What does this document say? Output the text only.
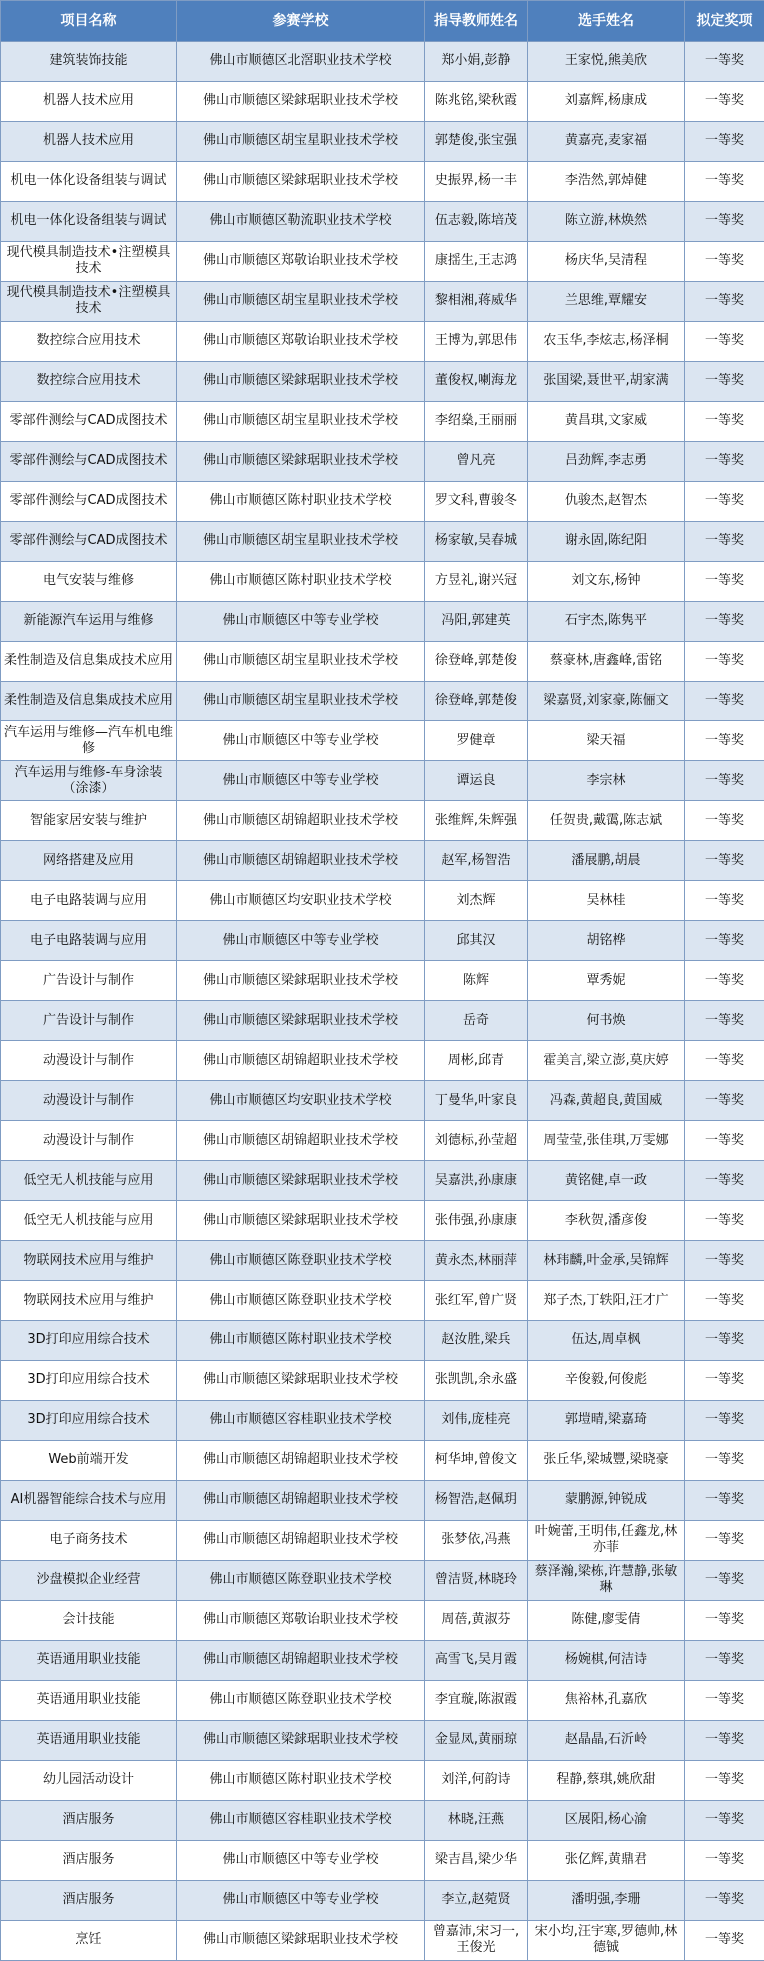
项目名称	参赛学校	指导教师姓名	选手姓名	拟定奖项
建筑装饰技能	佛山市顺德区北滘职业技术学校	郑小娟,彭静	王家悦,熊美欣	一等奖
机器人技术应用	佛山市顺德区梁銶琚职业技术学校	陈兆铭,梁秋霞	刘嘉辉,杨康成	一等奖
机器人技术应用	佛山市顺德区胡宝星职业技术学校	郭楚俊,张宝强	黄嘉亮,麦家福	一等奖
机电一体化设备组装与调试	佛山市顺德区梁銶琚职业技术学校	史振界,杨一丰	李浩然,郭焯健	一等奖
机电一体化设备组装与调试	佛山市顺德区勒流职业技术学校	伍志毅,陈培茂	陈立游,林焕然	一等奖
现代模具制造技术•注塑模具技术	佛山市顺德区郑敬诒职业技术学校	康揺生,王志鸿	杨庆华,吴清程	一等奖
现代模具制造技术•注塑模具技术	佛山市顺德区胡宝星职业技术学校	黎相湘,蒋威华	兰思维,覃耀安	一等奖
数控综合应用技术	佛山市顺德区郑敬诒职业技术学校	王博为,郭思伟	农玉华,李炫志,杨泽桐	一等奖
数控综合应用技术	佛山市顺德区梁銶琚职业技术学校	董俊权,喇海龙	张国梁,聂世平,胡家满	一等奖
零部件测绘与CAD成图技术	佛山市顺德区胡宝星职业技术学校	李绍燊,王丽丽	黄昌琪,文家威	一等奖
零部件测绘与CAD成图技术	佛山市顺德区梁銶琚职业技术学校	曾凡亮	吕劲辉,李志勇	一等奖
零部件测绘与CAD成图技术	佛山市顺德区陈村职业技术学校	罗文科,曹骏冬	仇骏杰,赵智杰	一等奖
零部件测绘与CAD成图技术	佛山市顺德区胡宝星职业技术学校	杨家敏,吴春城	谢永固,陈纪阳	一等奖
电气安装与维修	佛山市顺德区陈村职业技术学校	方昱礼,谢兴冠	刘文东,杨钟	一等奖
新能源汽车运用与维修	佛山市顺德区中等专业学校	冯阳,郭建英	石宇杰,陈隽平	一等奖
柔性制造及信息集成技术应用	佛山市顺德区胡宝星职业技术学校	徐登峰,郭楚俊	蔡豪林,唐鑫峰,雷铭	一等奖
柔性制造及信息集成技术应用	佛山市顺德区胡宝星职业技术学校	徐登峰,郭楚俊	梁嘉贤,刘家豪,陈俪文	一等奖
汽车运用与维修—汽车机电维修	佛山市顺德区中等专业学校	罗健章	梁天福	一等奖
汽车运用与维修-车身涂装（涂漆）	佛山市顺德区中等专业学校	谭运良	李宗林	一等奖
智能家居安装与维护	佛山市顺德区胡锦超职业技术学校	张维辉,朱辉强	任贺贵,戴霭,陈志斌	一等奖
网络搭建及应用	佛山市顺德区胡锦超职业技术学校	赵军,杨智浩	潘展鹏,胡晨	一等奖
电子电路装调与应用	佛山市顺德区均安职业技术学校	刘杰辉	吴林桂	一等奖
电子电路装调与应用	佛山市顺德区中等专业学校	邱其汉	胡铭桦	一等奖
广告设计与制作	佛山市顺德区梁銶琚职业技术学校	陈辉	覃秀妮	一等奖
广告设计与制作	佛山市顺德区梁銶琚职业技术学校	岳奇	何书焕	一等奖
动漫设计与制作	佛山市顺德区胡锦超职业技术学校	周彬,邱青	霍美言,梁立澎,莫庆婷	一等奖
动漫设计与制作	佛山市顺德区均安职业技术学校	丁曼华,叶家良	冯森,黄超良,黄国威	一等奖
动漫设计与制作	佛山市顺德区胡锦超职业技术学校	刘德标,孙莹超	周莹莹,张佳琪,万雯娜	一等奖
低空无人机技能与应用	佛山市顺德区梁銶琚职业技术学校	吴嘉洪,孙康康	黄铭健,卓一政	一等奖
低空无人机技能与应用	佛山市顺德区梁銶琚职业技术学校	张伟强,孙康康	李秋贺,潘彦俊	一等奖
物联网技术应用与维护	佛山市顺德区陈登职业技术学校	黄永杰,林丽萍	林玮麟,叶金承,吴锦辉	一等奖
物联网技术应用与维护	佛山市顺德区陈登职业技术学校	张红军,曾广贤	郑子杰,丁轶阳,汪才广	一等奖
3D打印应用综合技术	佛山市顺德区陈村职业技术学校	赵汝胜,梁兵	伍达,周卓枫	一等奖
3D打印应用综合技术	佛山市顺德区梁銶琚职业技术学校	张凯凯,余永盛	辛俊毅,何俊彪	一等奖
3D打印应用综合技术	佛山市顺德区容桂职业技术学校	刘伟,庞桂亮	郭塏晴,梁嘉琦	一等奖
Web前端开发	佛山市顺德区胡锦超职业技术学校	柯华坤,曾俊文	张丘华,梁城豐,梁晓豪	一等奖
AI机器智能综合技术与应用	佛山市顺德区胡锦超职业技术学校	杨智浩,赵佩玥	蒙鹏源,钟锐成	一等奖
电子商务技术	佛山市顺德区胡锦超职业技术学校	张梦依,冯燕	叶婉蕾,王明伟,任鑫龙,林亦菲	一等奖
沙盘模拟企业经营	佛山市顺德区陈登职业技术学校	曾洁贤,林晓玲	蔡泽瀚,梁栋,许慧静,张敏琳	一等奖
会计技能	佛山市顺德区郑敬诒职业技术学校	周蓓,黄淑芬	陈健,廖雯倩	一等奖
英语通用职业技能	佛山市顺德区胡锦超职业技术学校	高雪飞,吴月霞	杨婉棋,何洁诗	一等奖
英语通用职业技能	佛山市顺德区陈登职业技术学校	李宜璇,陈淑霞	焦裕林,孔嘉欣	一等奖
英语通用职业技能	佛山市顺德区梁銶琚职业技术学校	金显凤,黄丽琼	赵晶晶,石沂岭	一等奖
幼儿园活动设计	佛山市顺德区陈村职业技术学校	刘洋,何韵诗	程静,蔡琪,姚欣甜	一等奖
酒店服务	佛山市顺德区容桂职业技术学校	林晓,汪燕	区展阳,杨心渝	一等奖
酒店服务	佛山市顺德区中等专业学校	梁吉昌,梁少华	张亿辉,黄鼎君	一等奖
酒店服务	佛山市顺德区中等专业学校	李立,赵菀贤	潘明强,李珊	一等奖
烹饪	佛山市顺德区梁銶琚职业技术学校	曾嘉沛,宋习一,王俊光	宋小均,汪宇寒,罗德帅,林德铖	一等奖
